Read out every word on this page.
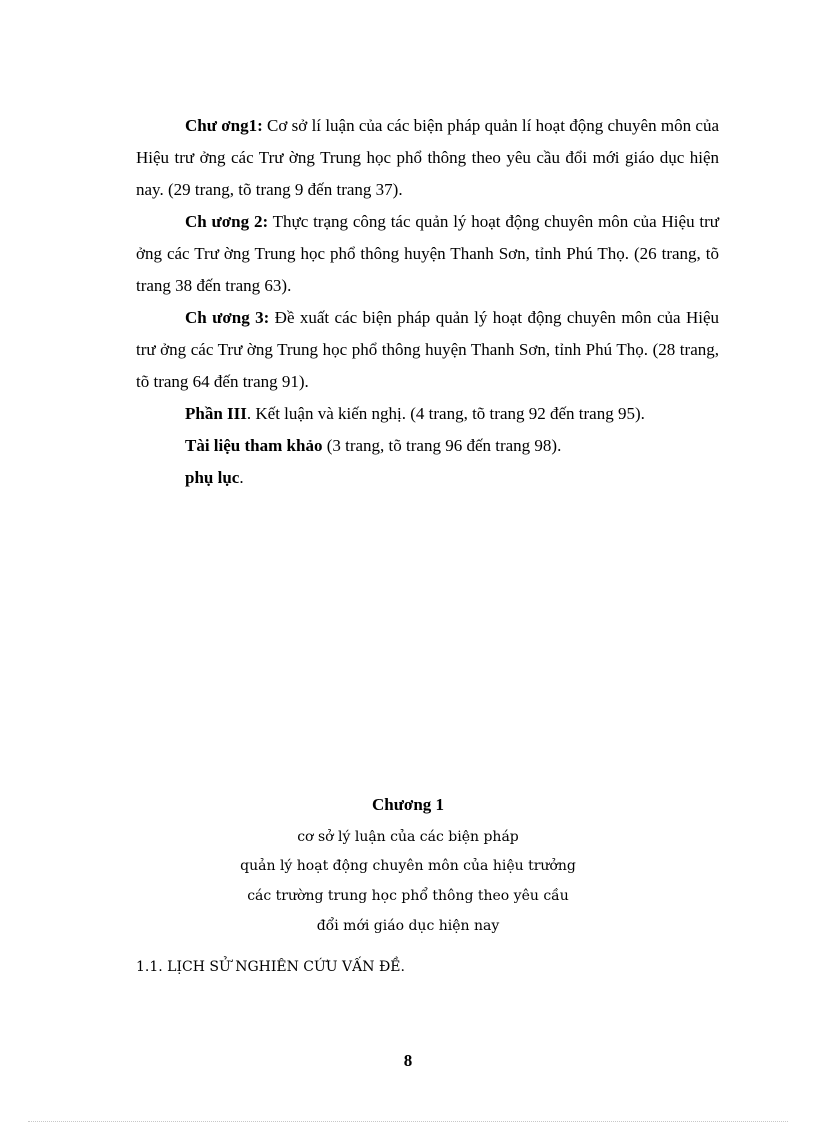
Chư ơng1: Cơ sở lí luận của các biện pháp quản lí hoạt động chuyên môn của Hiệu trư ởng các Trư ờng Trung học phổ thông theo yêu cầu đổi mới giáo dục hiện nay. (29 trang, tõ trang 9 đến trang 37).
Ch ương 2: Thực trạng công tác quản lý hoạt động chuyên môn của Hiệu trư ởng các Trư ờng Trung học phổ thông huyện Thanh Sơn, tỉnh Phú Thọ. (26 trang, tõ trang 38 đến trang 63).
Ch ương 3: Đề xuất các biện pháp quản lý hoạt động chuyên môn của Hiệu trư ởng các Trư ờng Trung học phổ thông huyện Thanh Sơn, tỉnh Phú Thọ. (28 trang, tõ trang 64 đến trang 91).
Phần III. Kết luận và kiến nghị. (4 trang, tõ trang 92 đến trang 95).
Tài liệu tham khảo (3 trang, tõ trang 96 đến trang 98).
phụ lục.
Chương 1
cơ sở lý luận của các biện pháp
quản lý hoạt động chuyên môn của hiệu trưởng
các trường trung học phổ thông theo yêu cầu
đổi mới giáo dục hiện nay
1.1. LỊCH SỬ NGHIÊN CỨU VẤN ĐỀ.
8
